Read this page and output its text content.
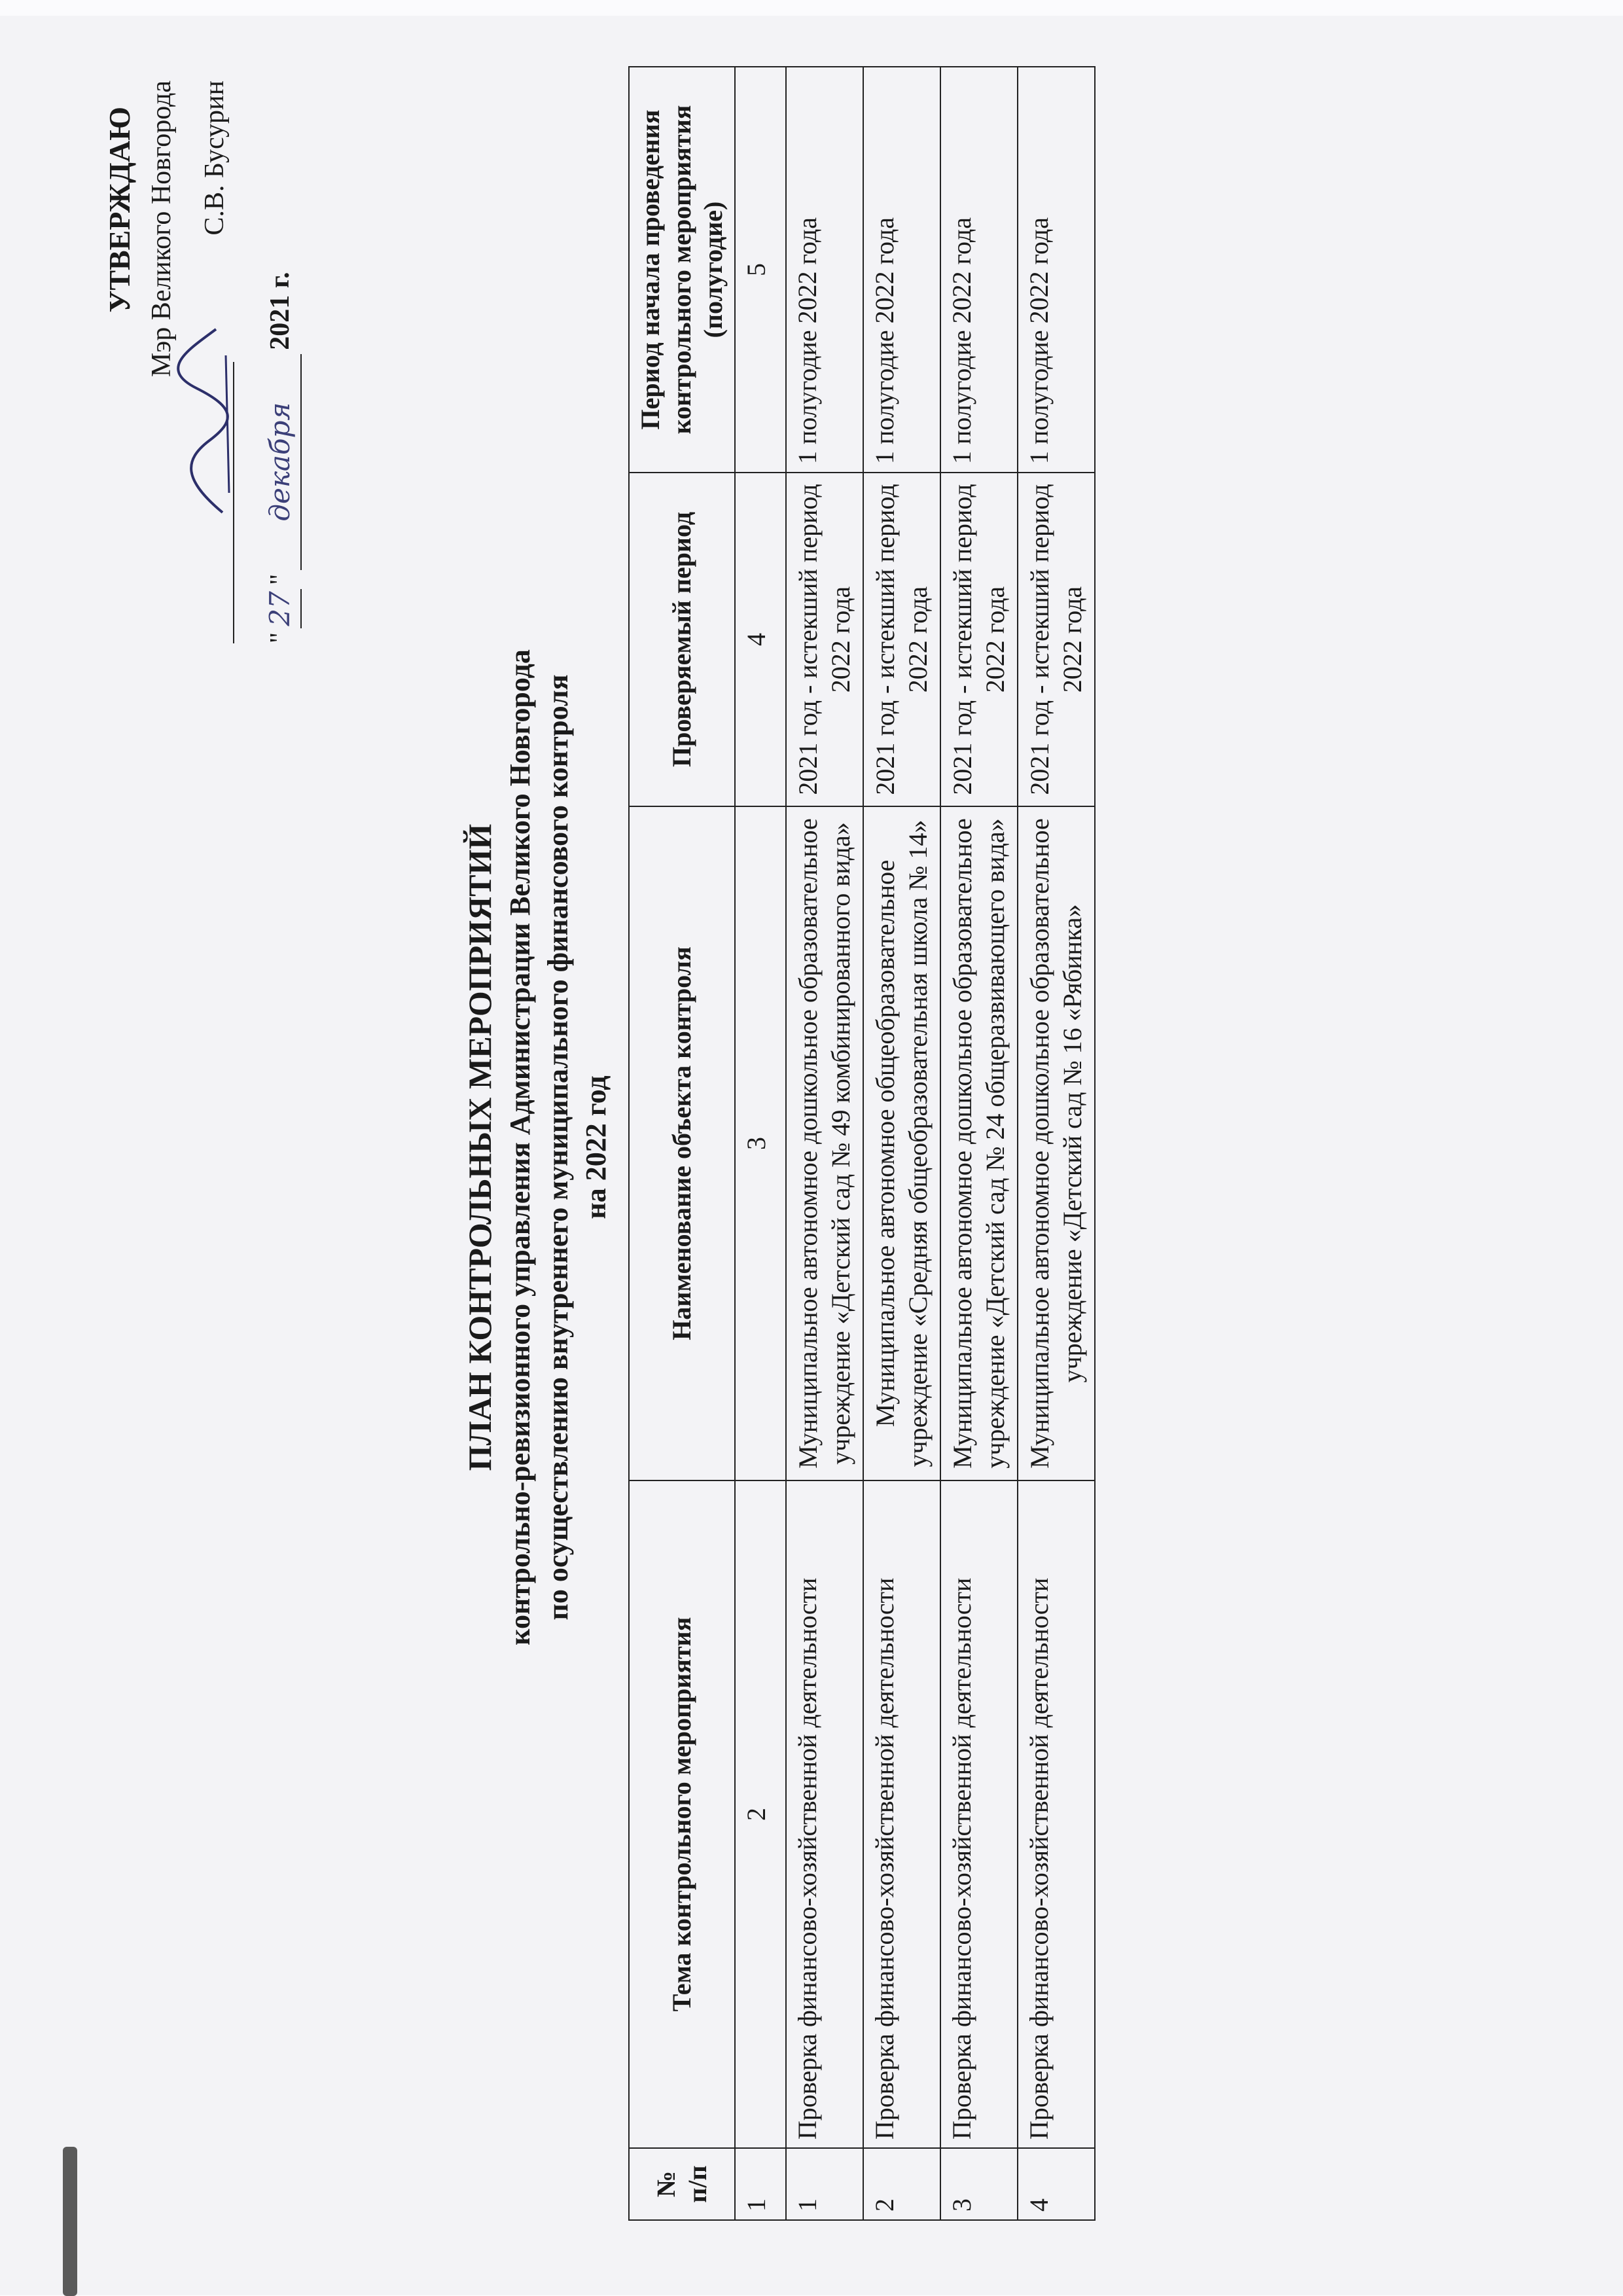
УТВЕРЖДАЮ Мэр Великого Новгорода С.В. Бусурин
"
27
"
декабря
2021 г.
ПЛАН КОНТРОЛЬНЫХ МЕРОПРИЯТИЙ контрольно-ревизионного управления Администрации Великого Новгорода по осуществлению внутреннего муниципального финансового контроля на 2022 год
№ п/п	Тема контрольного мероприятия	Наименование объекта контроля	Проверяемый период	Период начала проведения контрольного мероприятия (полугодие)
1	2	3	4	5
1	Проверка финансово-хозяйственной деятельности	Муниципальное автономное дошкольное образовательное учреждение «Детский сад № 49 комбинированного вида»	2021 год - истекший период 2022 года	1 полугодие 2022 года
2	Проверка финансово-хозяйственной деятельности	Муниципальное автономное общеобразовательное учреждение «Средняя общеобразовательная школа № 14»	2021 год - истекший период 2022 года	1 полугодие 2022 года
3	Проверка финансово-хозяйственной деятельности	Муниципальное автономное дошкольное образовательное учреждение «Детский сад № 24 общеразвивающего вида»	2021 год - истекший период 2022 года	1 полугодие 2022 года
4	Проверка финансово-хозяйственной деятельности	Муниципальное автономное дошкольное образовательное учреждение «Детский сад № 16 «Рябинка»	2021 год - истекший период 2022 года	1 полугодие 2022 года
